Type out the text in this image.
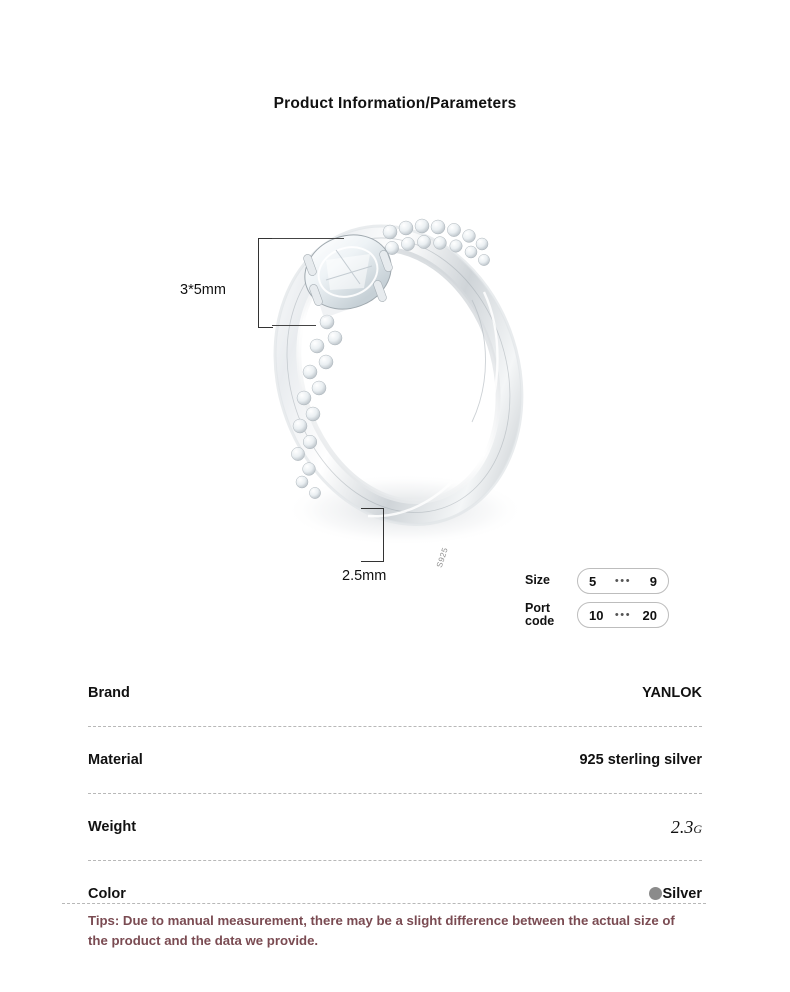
Product Information/Parameters
S925
3*5mm
2.5mm	Size	5 ••• 9
Port
code	10 ••• 20
Brand	YANLOK
Material	925 sterling silver
Weight	2.3G
Color	Silver
Tips: Due to manual measurement, there may be a slight difference between the actual size of the product and the data we provide.
